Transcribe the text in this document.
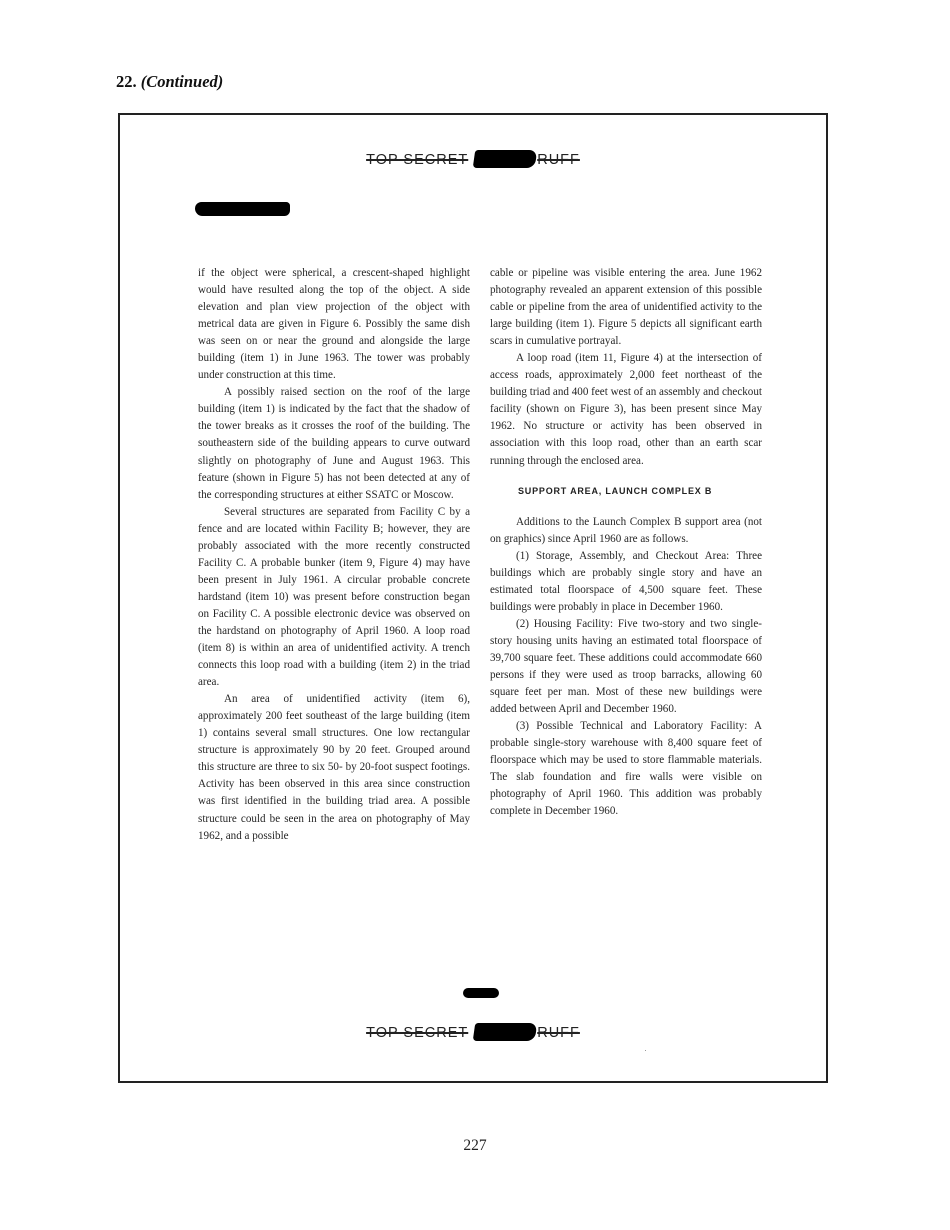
22. (Continued)
TOP SECRET	RUFF

if the object were spherical, a crescent-shaped highlight would have resulted along the top of the object. A side elevation and plan view projection of the object with metrical data are given in Figure 6. Possibly the same dish was seen on or near the ground and alongside the large building (item 1) in June 1963. The tower was probably under construction at this time.

A possibly raised section on the roof of the large building (item 1) is indicated by the fact that the shadow of the tower breaks as it crosses the roof of the building. The southeastern side of the building appears to curve outward slightly on photography of June and August 1963. This feature (shown in Figure 5) has not been detected at any of the corresponding structures at either SSATC or Moscow.

Several structures are separated from Facility C by a fence and are located within Facility B; however, they are probably associated with the more recently constructed Facility C. A probable bunker (item 9, Figure 4) may have been present in July 1961. A circular probable concrete hardstand (item 10) was present before construction began on Facility C. A possible electronic device was observed on the hardstand on photography of April 1960. A loop road (item 8) is within an area of unidentified activity. A trench connects this loop road with a building (item 2) in the triad area.

An area of unidentified activity (item 6), approximately 200 feet southeast of the large building (item 1) contains several small structures. One low rectangular structure is approximately 90 by 20 feet. Grouped around this structure are three to six 50- by 20-foot suspect footings. Activity has been observed in this area since construction was first identified in the building triad area. A possible structure could be seen in the area on photography of May 1962, and a possible

cable or pipeline was visible entering the area. June 1962 photography revealed an apparent extension of this possible cable or pipeline from the area of unidentified activity to the large building (item 1). Figure 5 depicts all significant earth scars in cumulative portrayal.

A loop road (item 11, Figure 4) at the intersection of access roads, approximately 2,000 feet northeast of the building triad and 400 feet west of an assembly and checkout facility (shown on Figure 3), has been present since May 1962. No structure or activity has been observed in association with this loop road, other than an earth scar running through the enclosed area.

SUPPORT AREA, LAUNCH COMPLEX B

Additions to the Launch Complex B support area (not on graphics) since April 1960 are as follows.

(1) Storage, Assembly, and Checkout Area: Three buildings which are probably single story and have an estimated total floorspace of 4,500 square feet. These buildings were probably in place in December 1960.

(2) Housing Facility: Five two-story and two single-story housing units having an estimated total floorspace of 39,700 square feet. These additions could accommodate 660 persons if they were used as troop barracks, allowing 60 square feet per man. Most of these new buildings were added between April and December 1960.

(3) Possible Technical and Laboratory Facility: A probable single-story warehouse with 8,400 square feet of floorspace which may be used to store flammable materials. The slab foundation and fire walls were visible on photography of April 1960. This addition was probably complete in December 1960.

TOP SECRET	RUFF
227
